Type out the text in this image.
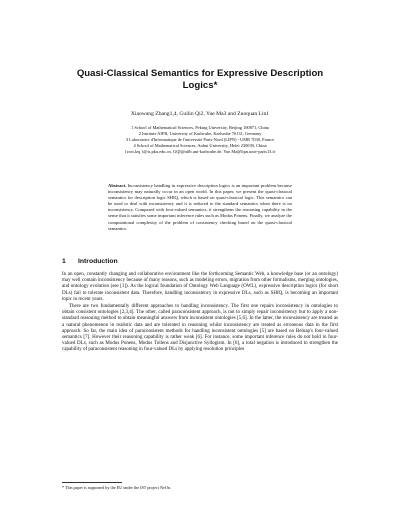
Quasi-Classical Semantics for Expressive Description Logics*
Xiaowang Zhang1,4, Guilin Qi2, Yue Ma3 and Zuoquan Lin1
1 School of Mathematical Sciences, Peking University, Beijing 100871, China
2 Institute AIFB, University of Karlsruhe, Karlsruhe 76131, Germany
3 Laboratoire d'Informatique de l'université Paris-Nord (LIPN) - UMR 7030, France
4 School of Mathematical Sciences, Anhui University, Hefei 230039, China
{zxw,lzq }@is.pku.edu.cn, GQI@aifb.uni-karlsruhe.de, Yue.Ma@lipn.univ-paris13.fr
Abstract. Inconsistency handling in expressive description logics is an important problem because inconsistency may naturally occur in an open world. In this paper, we present the quasi-classical semantics for description logic SHIQ, which is based on quasi-classical logic. This semantics can be used to deal with inconsistency and it is reduced to the standard semantics when there is no inconsistency. Compared with four-valued semantics, it strengthens the reasoning capability in the sense that it satisfies some important inference rules such as Modus Ponens. Finally, we analyze the computational complexity of the problem of consistency checking based on the quasi-classical semantics.
1 Introduction

In an open, constantly changing and collaborative environment like the forthcoming Semantic Web, a knowledge base (or an ontology) may well contain inconsistency because of many reasons, such as modeling errors, migration from other formalisms, merging ontologies, and ontology evolution (see [1]). As the logical foundation of Ontology Web Language (OWL), expressive description logics (for short DLs) fail to tolerate inconsistent data. Therefore, handling inconsistency in expressive DLs, such as SHIQ, is becoming an important topic in recent years.

There are two fundamentally different approaches to handling inconsistency. The first one repairs inconsistency in ontologies to obtain consistent ontologies [2,3,4]. The other, called paraconsistent approach, is not to simply repair inconsistency but to apply a non-standard reasoning method to obtain meaningful answers from inconsistent ontologies [5,6]. In the latter, the inconsistency are treated as a natural phenomenon in realistic data and are tolerated in reasoning whilst inconsistency are treated as erroneous data in the first approach. So far, the main idea of paraconsistent methods for handling inconsistent ontologies [5] are based on Belnap's four-valued semantics [7]. However their reasoning capability is rather weak [6]. For instance, some important inference rules do not hold in four-valued DLs, such as Modus Ponens, Modus Tollens and Disjunctive Syllogism. In [6], a total negation is introduced to strengthen the capability of paraconsistent reasoning in four-valued DLs by applying resolution principles

* This paper is supported by the EU under the IST project NeOn.
